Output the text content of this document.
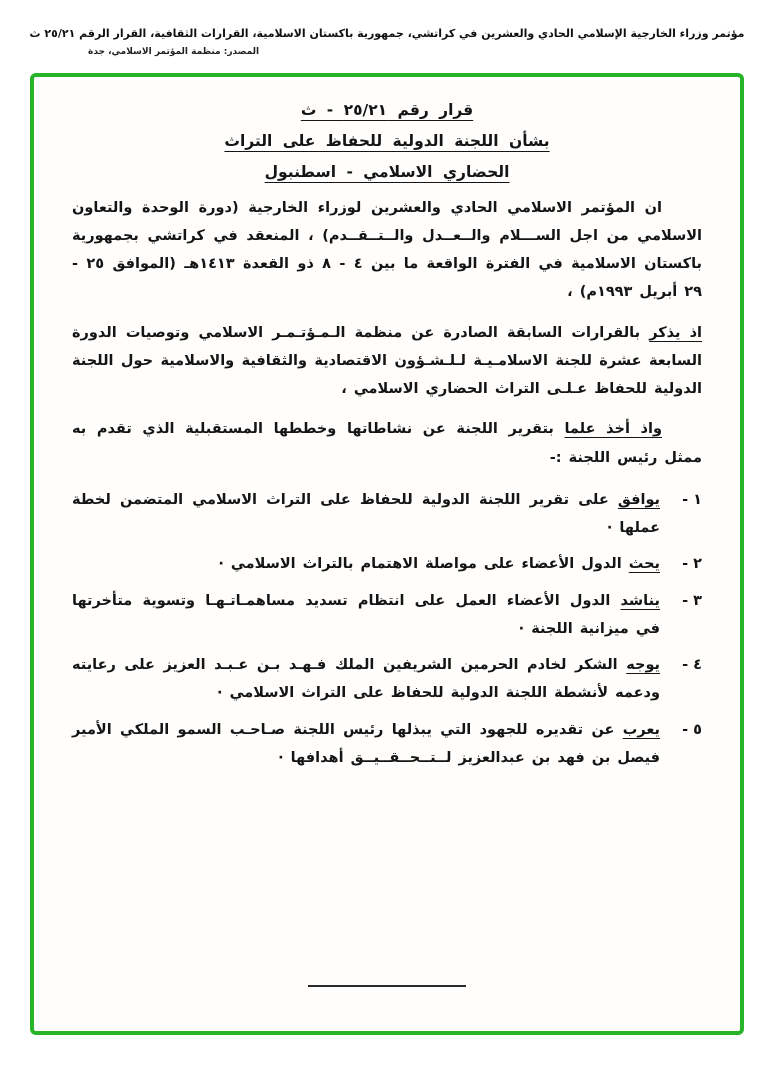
مؤتمر وزراء الخارجية الإسلامي الحادي والعشرين في كراتشي، جمهورية باكستان الاسلامية، القرارات الثقافية، القرار الرقم ٢٥/٢١ ث
المصدر: منظمة المؤتمر الاسلامي، جدة
قرار رقم ٢٥/٢١ - ث
بشأن اللجنة الدولية للحفاظ على التراث
الحضاري الاسلامي - اسطنبول

ان المؤتمر الاسلامي الحادي والعشرين لوزراء الخارجية (دورة الوحدة والتعاون الاسلامي من اجل الســـلام والــعــدل والــتــقــدم) ، المنعقد في كراتشي بجمهورية باكستان الاسلامية في الفترة الواقعة ما بين ٤ - ٨ ذو القعدة ١٤١٣هـ (الموافق ٢٥ - ٢٩ أبريل ١٩٩٣م) ،

اذ يذكر بالقرارات السابقة الصادرة عن منظمة الـمـؤتـمـر الاسلامي وتوصيات الدورة السابعة عشرة للجنة الاسلامـيـة لـلـشـؤون الاقتصادية والثقافية والاسلامية حول اللجنة الدولية للحفاظ عـلـى التراث الحضاري الاسلامي ،

واذ أخذ علما بتقرير اللجنة عن نشاطاتها وخططها المستقبلية الذي تقدم به ممثل رئيس اللجنة :-

١ -
يوافق على تقرير اللجنة الدولية للحفاظ على التراث الاسلامي المتضمن لخطة عملها ·
٢ -
يحث الدول الأعضاء على مواصلة الاهتمام بالتراث الاسلامي ·
٣ -
يناشد الدول الأعضاء العمل على انتظام تسديد مساهمـاتـهـا وتسوية متأخرتها في ميزانية اللجنة ·
٤ -
يوجه الشكر لخادم الحرمين الشريفين الملك فـهـد بـن عـبـد العزيز على رعايته ودعمه لأنشطة اللجنة الدولية للحفاظ على التراث الاسلامي ·
٥ -
يعرب عن تقديره للجهود التي يبذلها رئيس اللجنة صـاحـب السمو الملكي الأمير فيصل بن فهد بن عبدالعزيز لــتــحــقــيــق أهدافها ·
